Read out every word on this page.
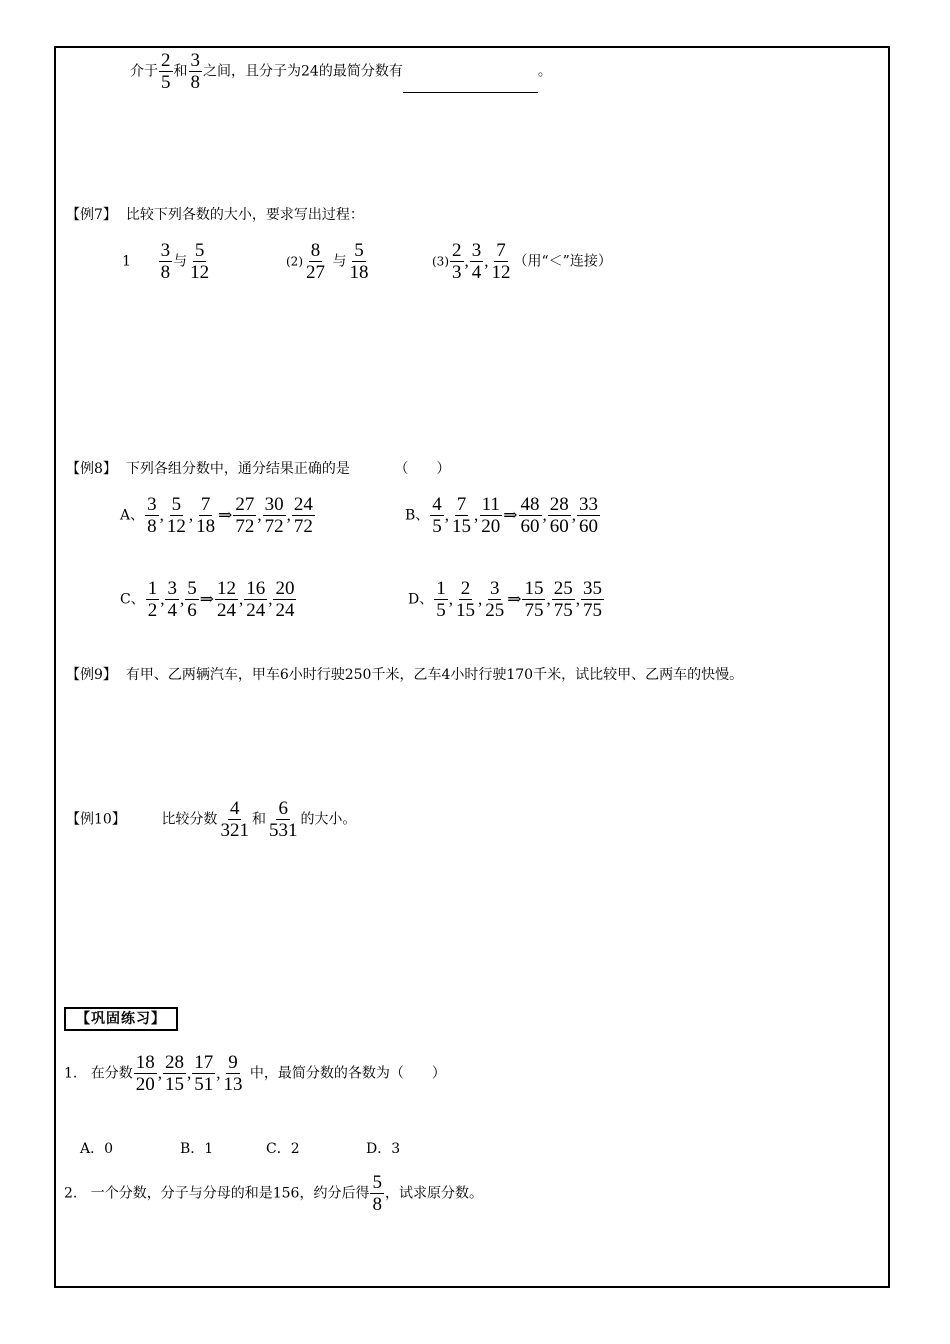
介于 $\frac{2}{5}$ 和 $\frac{3}{8}$ 之间，且分子为24的最简分数有	。
【例7】 比较下列各数的大小，要求写出过程：
$1 \frac{3}{8}$ 与 $\frac{5}{12}$	$(2) \frac{8}{27}$ 与 $\frac{5}{18}$	$(3) \frac{2}{3}$ , $\frac{3}{4}$ , $\frac{7}{12}$ （用“＜”连接）
【例8】 下列各组分数中，通分结果正确的是	（　　）
A、 $\frac{3}{8}$ , $\frac{5}{12}$ , $\frac{7}{18}$ ⇒ $\frac{27}{72}$ , $\frac{30}{72}$ , $\frac{24}{72}$	B、 $\frac{4}{5}$ , $\frac{7}{15}$ , $\frac{11}{20}$ ⇒ $\frac{48}{60}$ , $\frac{28}{60}$ , $\frac{33}{60}$
C、 $\frac{1}{2}$ , $\frac{3}{4}$ , $\frac{5}{6}$ ⇒ $\frac{12}{24}$ , $\frac{16}{24}$ , $\frac{20}{24}$	D、 $\frac{1}{5}$ , $\frac{2}{15}$ , $\frac{3}{25}$ ⇒ $\frac{15}{75}$ , $\frac{25}{75}$ , $\frac{35}{75}$
【例9】 有甲、乙两辆汽车，甲车6小时行驶250千米，乙车4小时行驶170千米，试比较甲、乙两车的快慢。
【例10】	比较分数 $\frac{4}{321}$ 和 $\frac{6}{531}$ 的大小。
【巩固练习】
1. 在分数 $\frac{18}{20}$ , $\frac{28}{15}$ , $\frac{17}{51}$ , $\frac{9}{13}$ 中，最简分数的各数为（　　）
A．0	B．1	C．2	D．3
2. 一个分数，分子与分母的和是156，约分后得 $\frac{5}{8}$ ，试求原分数。
